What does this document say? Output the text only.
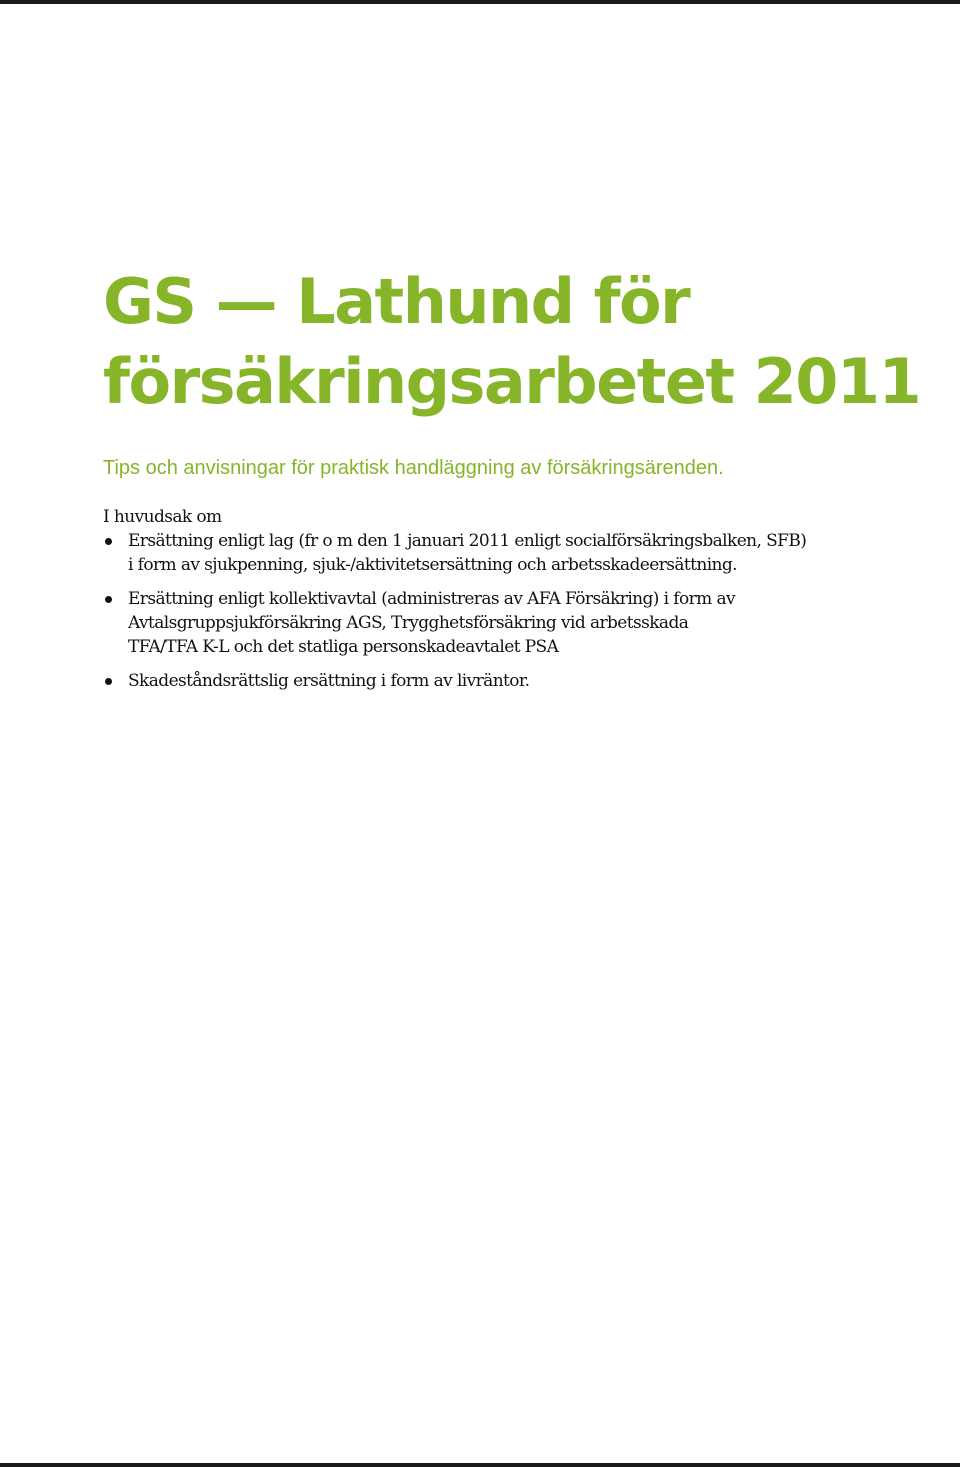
GS — Lathund för
försäkringsarbetet 2011

Tips och anvisningar för praktisk handläggning av försäkringsärenden.

I huvudsak om

Ersättning enligt lag (fr o m den 1 januari 2011 enligt socialförsäkringsbalken, SFB)
i form av sjukpenning, sjuk-/aktivitetsersättning och arbetsskadeersättning.
Ersättning enligt kollektivavtal (administreras av AFA Försäkring) i form av
Avtalsgruppsjukförsäkring AGS, Trygghetsförsäkring vid arbetsskada
TFA/TFA K-L och det statliga personskadeavtalet PSA
Skadeståndsrättslig ersättning i form av livräntor.
